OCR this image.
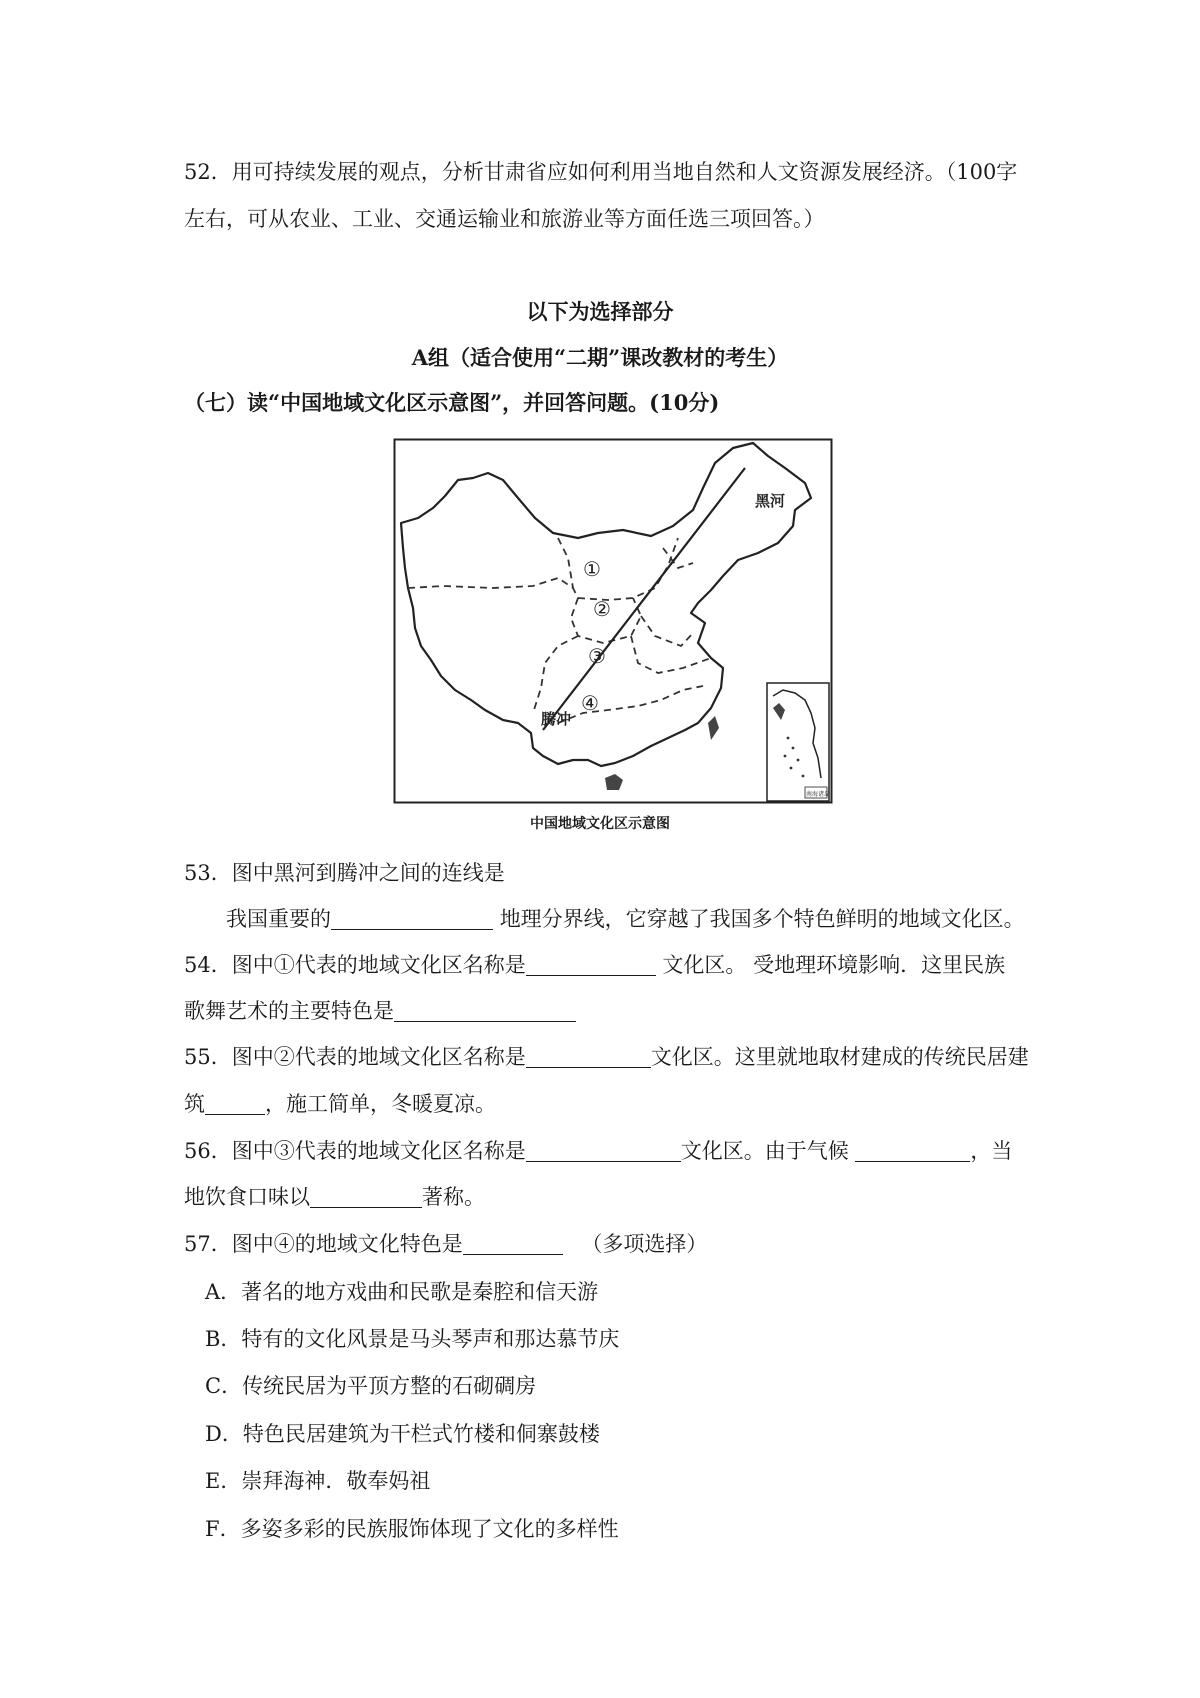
52．用可持续发展的观点，分析甘肃省应如何利用当地自然和人文资源发展经济。（100字
左右，可从农业、工业、交通运输业和旅游业等方面任选三项回答。）
以下为选择部分
A组（适合使用“二期”课改教材的考生）
（七）读“中国地域文化区示意图”，并回答问题。(10分)
①
②
③
④
黑河
腾冲
南海诸岛
中国地域文化区示意图
53．图中黑河到腾冲之间的连线是
我国重要的	地理分界线，它穿越了我国多个特色鲜明的地域文化区。
54．图中①代表的地域文化区名称是	文化区。 受地理环境影响．这里民族
歌舞艺术的主要特色是
55．图中②代表的地域文化区名称是	文化区。这里就地取材建成的传统民居建
筑	，施工简单，冬暖夏凉。
56．图中③代表的地域文化区名称是	文化区。由于气候	，当
地饮食口味以	著称。
57．图中④的地域文化特色是	（多项选择）
A．著名的地方戏曲和民歌是秦腔和信天游
B．特有的文化风景是马头琴声和那达慕节庆
C．传统民居为平顶方整的石砌碉房
D．特色民居建筑为干栏式竹楼和侗寨鼓楼
E．崇拜海神．敬奉妈祖
F．多姿多彩的民族服饰体现了文化的多样性
